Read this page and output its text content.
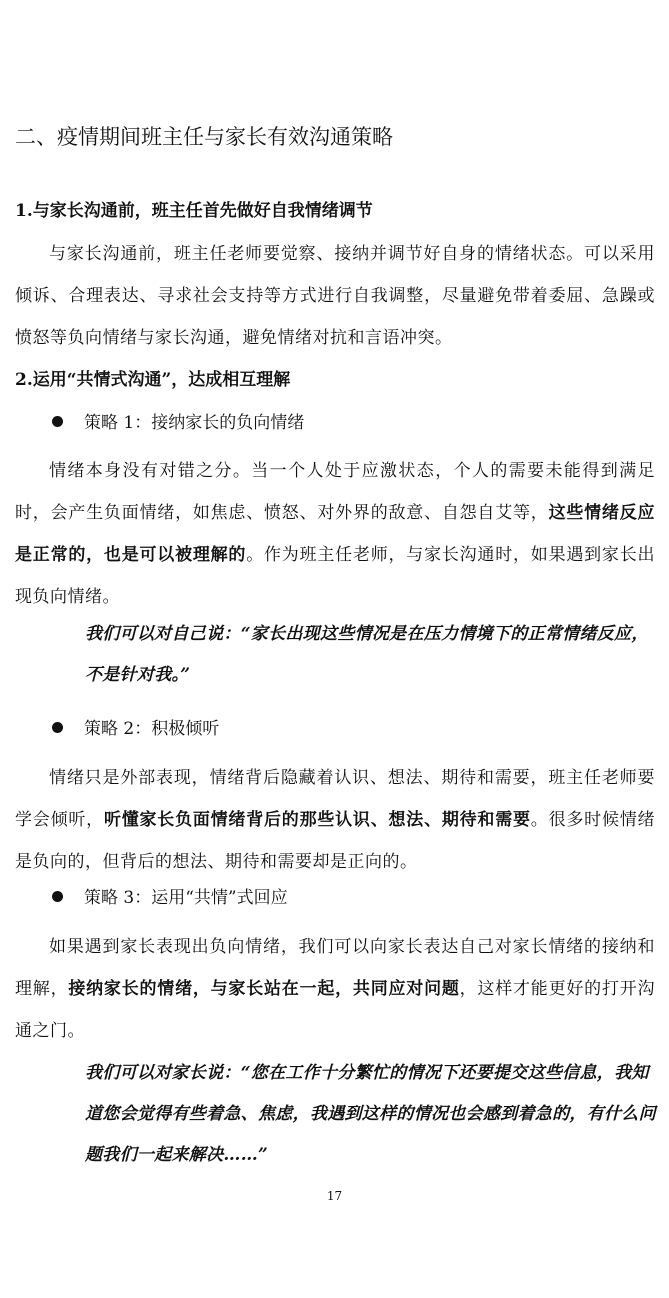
二、疫情期间班主任与家长有效沟通策略
1.与家长沟通前，班主任首先做好自我情绪调节
与家长沟通前，班主任老师要觉察、接纳并调节好自身的情绪状态。可以采用倾诉、合理表达、寻求社会支持等方式进行自我调整，尽量避免带着委屈、急躁或愤怒等负向情绪与家长沟通，避免情绪对抗和言语冲突。
2.运用“共情式沟通”，达成相互理解
策略 1：接纳家长的负向情绪
情绪本身没有对错之分。当一个人处于应激状态，个人的需要未能得到满足时，会产生负面情绪，如焦虑、愤怒、对外界的敌意、自怨自艾等，这些情绪反应是正常的，也是可以被理解的。作为班主任老师，与家长沟通时，如果遇到家长出现负向情绪。
我们可以对自己说：“家长出现这些情况是在压力情境下的正常情绪反应，不是针对我。”
策略 2：积极倾听
情绪只是外部表现，情绪背后隐藏着认识、想法、期待和需要，班主任老师要学会倾听，听懂家长负面情绪背后的那些认识、想法、期待和需要。很多时候情绪是负向的，但背后的想法、期待和需要却是正向的。
策略 3：运用“共情”式回应
如果遇到家长表现出负向情绪，我们可以向家长表达自己对家长情绪的接纳和理解，接纳家长的情绪，与家长站在一起，共同应对问题，这样才能更好的打开沟通之门。
我们可以对家长说：“您在工作十分繁忙的情况下还要提交这些信息，我知道您会觉得有些着急、焦虑，我遇到这样的情况也会感到着急的，有什么问题我们一起来解决……”
17
